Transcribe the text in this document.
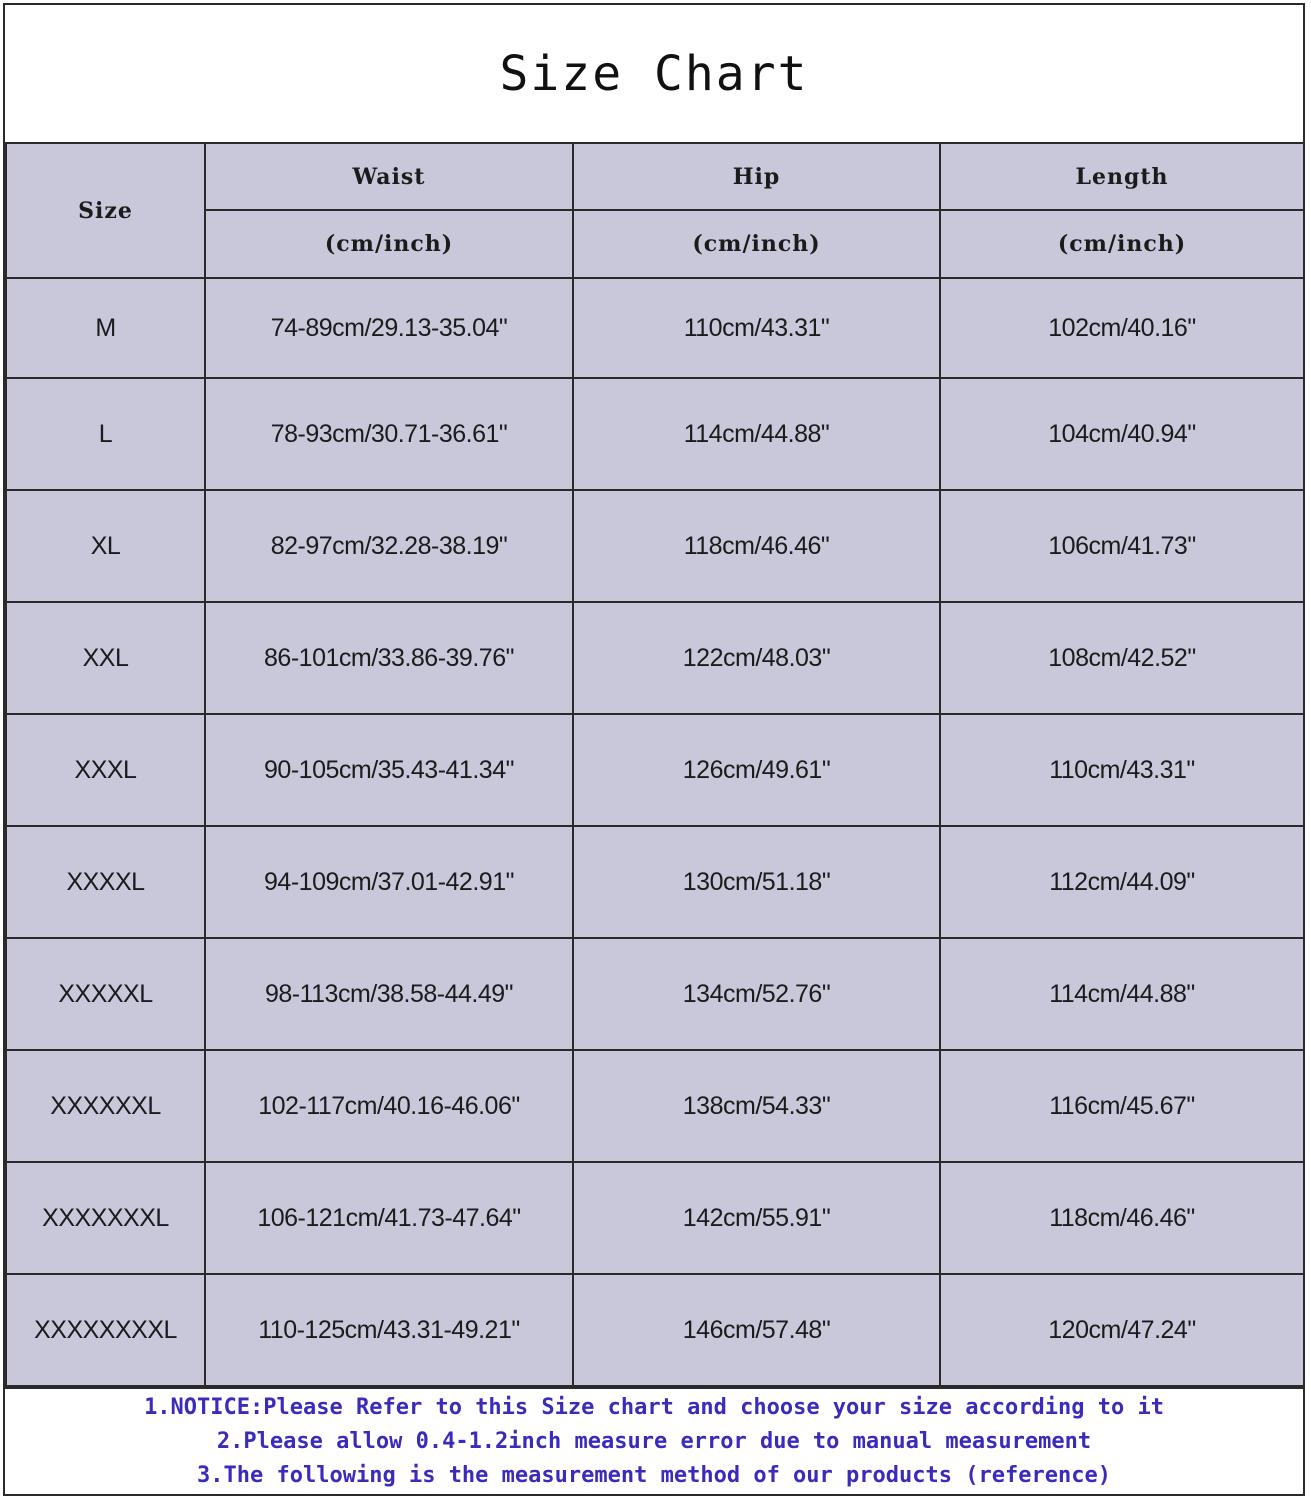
Size Chart
Size	Waist	Hip	Length
	(cm/inch)	(cm/inch)	(cm/inch)
M	74-89cm/29.13-35.04"	110cm/43.31"	102cm/40.16"
L	78-93cm/30.71-36.61"	114cm/44.88"	104cm/40.94"
XL	82-97cm/32.28-38.19"	118cm/46.46"	106cm/41.73"
XXL	86-101cm/33.86-39.76"	122cm/48.03"	108cm/42.52"
XXXL	90-105cm/35.43-41.34"	126cm/49.61"	110cm/43.31"
XXXXL	94-109cm/37.01-42.91"	130cm/51.18"	112cm/44.09"
XXXXXL	98-113cm/38.58-44.49"	134cm/52.76"	114cm/44.88"
XXXXXXL	102-117cm/40.16-46.06"	138cm/54.33"	116cm/45.67"
XXXXXXXL	106-121cm/41.73-47.64"	142cm/55.91"	118cm/46.46"
XXXXXXXXL	110-125cm/43.31-49.21"	146cm/57.48"	120cm/47.24"
1.NOTICE:Please Refer to this Size chart and choose your size according to it
2.Please allow 0.4-1.2inch measure error due to manual measurement
3.The following is the measurement method of our products (reference)
